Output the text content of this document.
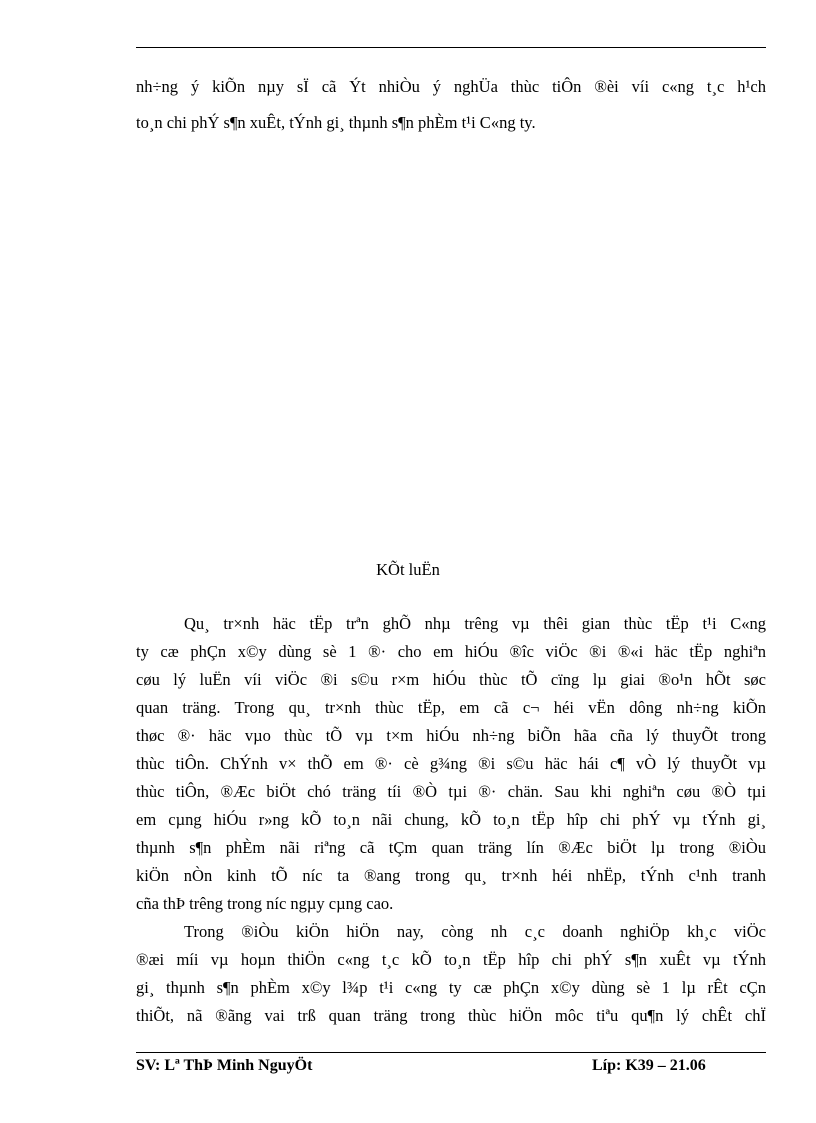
nh÷ng ý kiÕn nµy sÏ cã Ýt nhiÒu ý nghÜa thùc tiÔn ®èi víi c«ng t¸c h¹ch
to¸n chi phÝ s¶n xuÊt, tÝnh gi¸ thµnh s¶n phÈm t¹i C«ng ty.
KÕt luËn
Qu¸ tr×nh häc tËp trªn ghÕ nhµ trêng vµ thêi gian thùc tËp t¹i C«ng
ty cæ phÇn x©y dùng sè 1 ®· cho em hiÓu ®îc viÖc ®i ®«i häc tËp nghiªn
cøu lý luËn víi viÖc ®i s©u r×m hiÓu thùc tÕ cïng lµ giai ®o¹n hÕt søc
quan träng. Trong qu¸ tr×nh thùc tËp, em cã c¬ héi vËn dông nh÷ng kiÕn
thøc ®· häc vµo thùc tÕ vµ t×m hiÓu nh÷ng biÕn hãa cña lý thuyÕt trong
thùc tiÔn. ChÝnh v× thÕ em ®· cè g¾ng ®i s©u häc hái c¶ vÒ lý thuyÕt vµ
thùc tiÔn, ®Æc biÖt chó träng tíi ®Ò tµi ®· chän. Sau khi nghiªn cøu ®Ò tµi
em cµng hiÓu r»ng kÕ to¸n nãi chung, kÕ to¸n tËp hîp chi phÝ vµ tÝnh gi¸
thµnh s¶n phÈm nãi riªng cã tÇm quan träng lín ®Æc biÖt lµ trong ®iÒu
kiÖn nÒn kinh tÕ níc ta ®ang trong qu¸ tr×nh héi nhËp, tÝnh c¹nh tranh
cña thÞ trêng trong níc ngµy cµng cao.
Trong ®iÒu kiÖn hiÖn nay, còng nh c¸c doanh nghiÖp kh¸c viÖc
®æi míi vµ hoµn thiÖn c«ng t¸c kÕ to¸n tËp hîp chi phÝ s¶n xuÊt vµ tÝnh
gi¸ thµnh s¶n phÈm x©y l¾p t¹i c«ng ty cæ phÇn x©y dùng sè 1 lµ rÊt cÇn
thiÕt, nã ®ãng vai trß quan träng trong thùc hiÖn môc tiªu qu¶n lý chÊt chÏ
SV: Lª ThÞ Minh NguyÖt	Líp: K39 – 21.06
